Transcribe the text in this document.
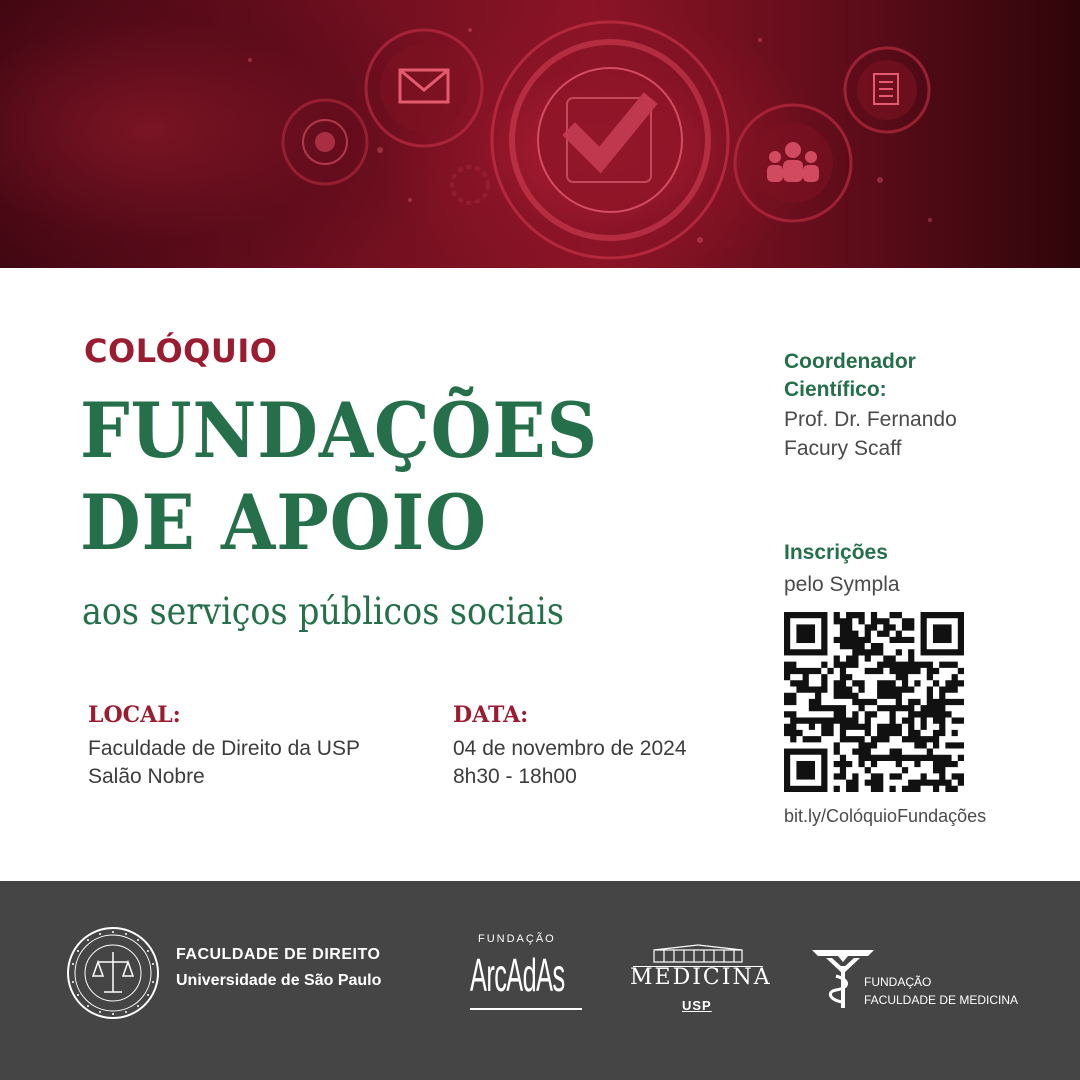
COLÓQUIO
FUNDAÇÕES
DE APOIO
aos serviços públicos sociais
LOCAL:
Faculdade de Direito da USP
Salão Nobre
DATA:
04 de novembro de 2024
8h30 - 18h00
Coordenador
Científico:
Prof. Dr. Fernando
Facury Scaff
Inscrições
pelo Sympla
bit.ly/ColóquioFundações
FACULDADE DE DIREITO
Universidade de São Paulo
FUNDAÇÃO
ArcAdAs	MEDICINA
USP
FUNDAÇÃO
FACULDADE DE MEDICINA
